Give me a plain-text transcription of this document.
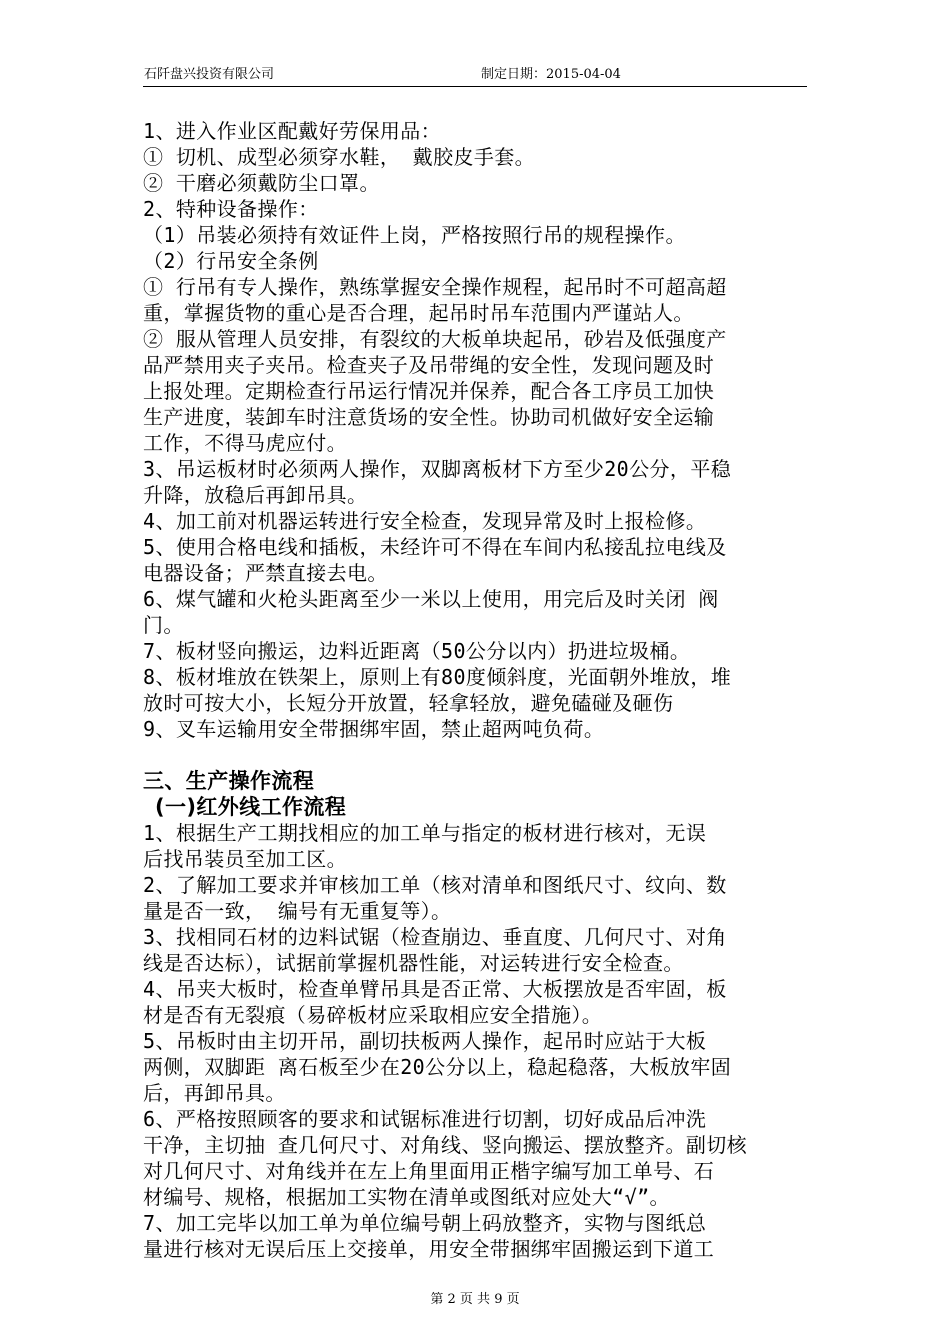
石阡盘兴投资有限公司	制定日期：2015-04-04
1、进入作业区配戴好劳保用品：
① 切机、成型必须穿水鞋， 戴胶皮手套。
② 干磨必须戴防尘口罩。
2、特种设备操作：
（1）吊装必须持有效证件上岗，严格按照行吊的规程操作。
（2）行吊安全条例
① 行吊有专人操作，熟练掌握安全操作规程，起吊时不可超高超
重，掌握货物的重心是否合理，起吊时吊车范围内严谨站人。
② 服从管理人员安排，有裂纹的大板单块起吊，砂岩及低强度产
品严禁用夹子夹吊。检查夹子及吊带绳的安全性，发现问题及时
上报处理。定期检查行吊运行情况并保养，配合各工序员工加快
生产进度，装卸车时注意货场的安全性。协助司机做好安全运输
工作，不得马虎应付。
3、吊运板材时必须两人操作，双脚离板材下方至少20公分，平稳
升降，放稳后再卸吊具。
4、加工前对机器运转进行安全检查，发现异常及时上报检修。
5、使用合格电线和插板，未经许可不得在车间内私接乱拉电线及
电器设备；严禁直接去电。
6、煤气罐和火枪头距离至少一米以上使用，用完后及时关闭 阀
门。
7、板材竖向搬运，边料近距离（50公分以内）扔进垃圾桶。
8、板材堆放在铁架上，原则上有80度倾斜度，光面朝外堆放，堆
放时可按大小，长短分开放置，轻拿轻放，避免磕碰及砸伤
9、叉车运输用安全带捆绑牢固，禁止超两吨负荷。
三、生产操作流程
(一)红外线工作流程
1、根据生产工期找相应的加工单与指定的板材进行核对，无误
后找吊装员至加工区。
2、了解加工要求并审核加工单（核对清单和图纸尺寸、纹向、数
量是否一致， 编号有无重复等）。
3、找相同石材的边料试锯（检查崩边、垂直度、几何尺寸、对角
线是否达标），试据前掌握机器性能，对运转进行安全检查。
4、吊夹大板时，检查单臂吊具是否正常、大板摆放是否牢固，板
材是否有无裂痕（易碎板材应采取相应安全措施）。
5、吊板时由主切开吊，副切扶板两人操作，起吊时应站于大板
两侧，双脚距 离石板至少在20公分以上，稳起稳落，大板放牢固
后，再卸吊具。
6、严格按照顾客的要求和试锯标准进行切割，切好成品后冲洗
干净，主切抽 查几何尺寸、对角线、竖向搬运、摆放整齐。副切核
对几何尺寸、对角线并在左上角里面用正楷字编写加工单号、石
材编号、规格，根据加工实物在清单或图纸对应处大“√”。
7、加工完毕以加工单为单位编号朝上码放整齐，实物与图纸总
量进行核对无误后压上交接单，用安全带捆绑牢固搬运到下道工
第 2 页 共 9 页
